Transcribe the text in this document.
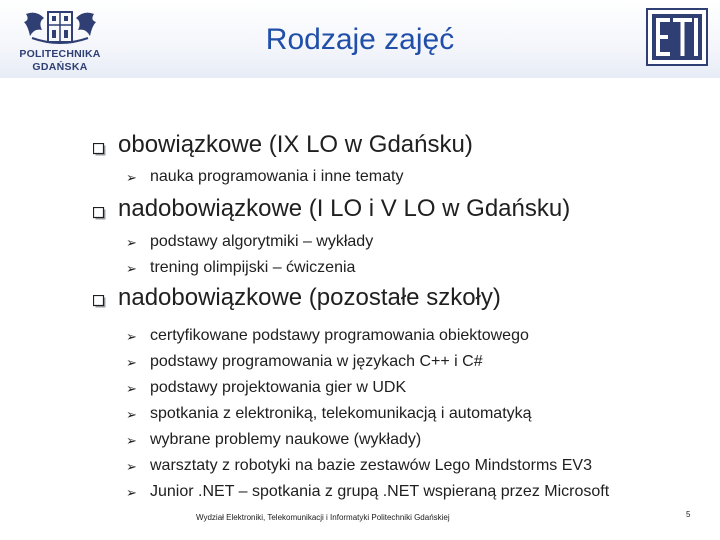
POLITECHNIKA
GDAŃSKA
Rodzaje zajęć
obowiązkowe (IX LO w Gdańsku)
➢ nauka programowania i inne tematy
nadobowiązkowe (I LO i V LO w Gdańsku)
➢ podstawy algorytmiki – wykłady
➢ trening olimpijski – ćwiczenia
nadobowiązkowe (pozostałe szkoły)
➢ certyfikowane podstawy programowania obiektowego
➢ podstawy programowania w językach C++ i C#
➢ podstawy projektowania gier w UDK
➢ spotkania z elektroniką, telekomunikacją i automatyką
➢ wybrane problemy naukowe (wykłady)
➢ warsztaty z robotyki na bazie zestawów Lego Mindstorms EV3
➢ Junior .NET – spotkania z grupą .NET wspieraną przez Microsoft
Wydział Elektroniki, Telekomunikacji i Informatyki Politechniki Gdańskiej	5
